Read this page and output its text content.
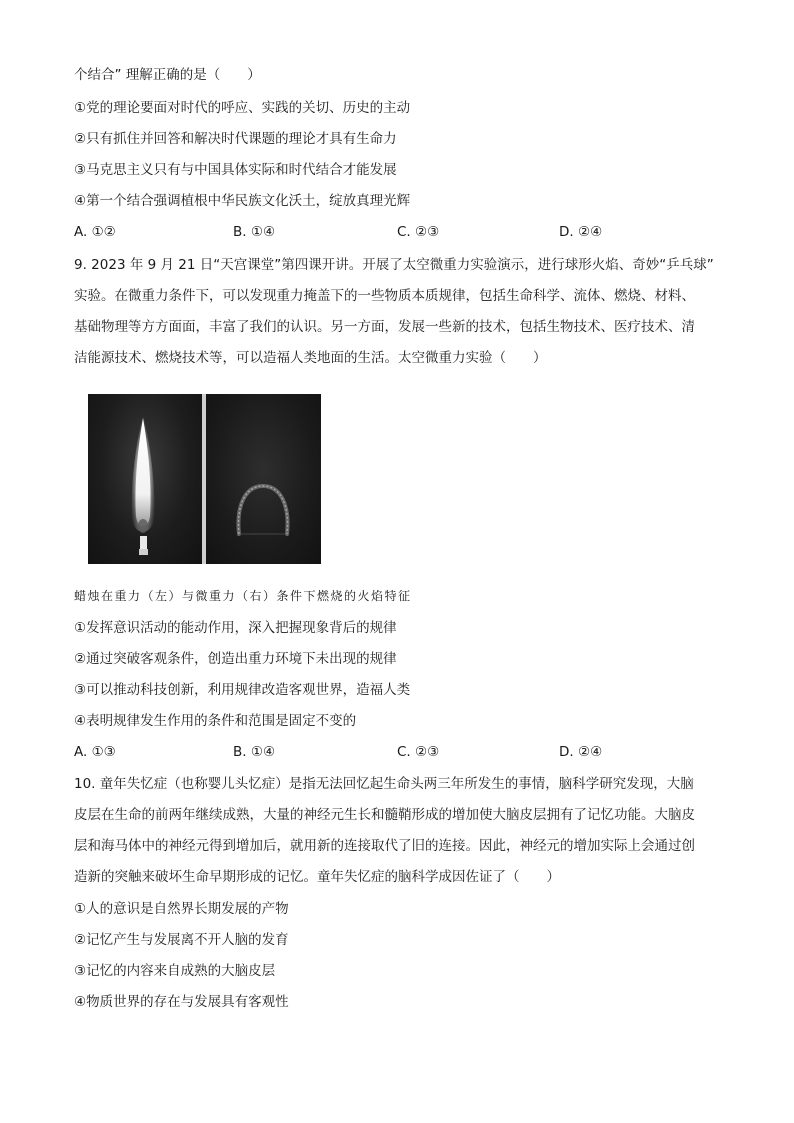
个结合” 理解正确的是（　　）
①党的理论要面对时代的呼应、实践的关切、历史的主动
②只有抓住并回答和解决时代课题的理论才具有生命力
③马克思主义只有与中国具体实际和时代结合才能发展
④第一个结合强调植根中华民族文化沃土，绽放真理光辉
A. ①②	B. ①④	C. ②③	D. ②④
9. 2023 年 9 月 21 日“天宫课堂”第四课开讲。开展了太空微重力实验演示，进行球形火焰、奇妙“乒乓球”
实验。在微重力条件下，可以发现重力掩盖下的一些物质本质规律，包括生命科学、流体、燃烧、材料、
基础物理等方方面面，丰富了我们的认识。另一方面，发展一些新的技术，包括生物技术、医疗技术、清
洁能源技术、燃烧技术等，可以造福人类地面的生活。太空微重力实验（　　）
蜡烛在重力（左）与微重力（右）条件下燃烧的火焰特征
①发挥意识活动的能动作用，深入把握现象背后的规律
②通过突破客观条件，创造出重力环境下未出现的规律
③可以推动科技创新，利用规律改造客观世界，造福人类
④表明规律发生作用的条件和范围是固定不变的
A. ①③	B. ①④	C. ②③	D. ②④
10. 童年失忆症（也称婴儿头忆症）是指无法回忆起生命头两三年所发生的事情，脑科学研究发现，大脑
皮层在生命的前两年继续成熟，大量的神经元生长和髓鞘形成的增加使大脑皮层拥有了记忆功能。大脑皮
层和海马体中的神经元得到增加后，就用新的连接取代了旧的连接。因此，神经元的增加实际上会通过创
造新的突触来破坏生命早期形成的记忆。童年失忆症的脑科学成因佐证了（　　）
①人的意识是自然界长期发展的产物
②记忆产生与发展离不开人脑的发育
③记忆的内容来自成熟的大脑皮层
④物质世界的存在与发展具有客观性
